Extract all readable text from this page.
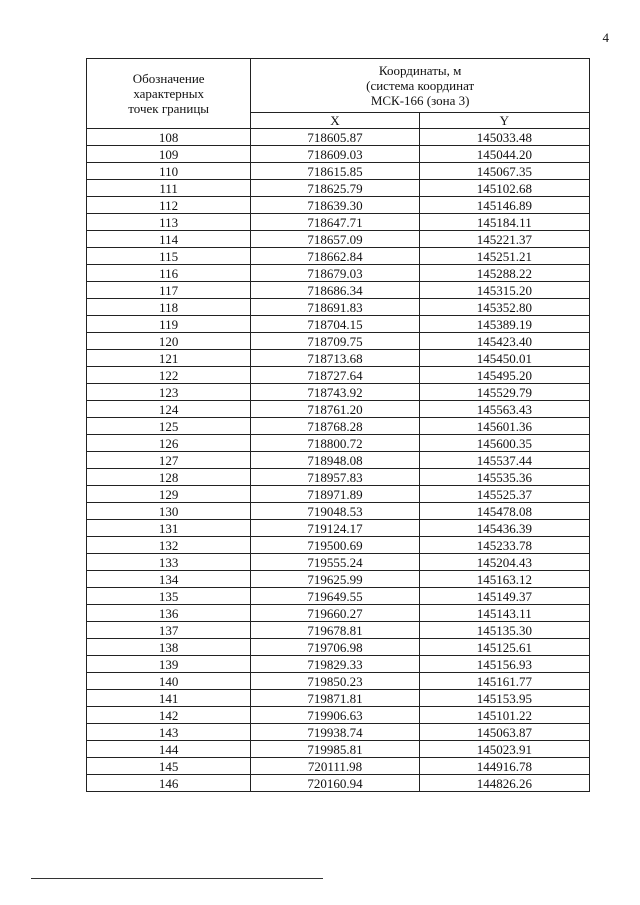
4
Обозначение
характерных
точек границы	Координаты, м
(система координат
МСК-166 (зона 3)	

	X	Y
108	718605.87	145033.48
109	718609.03	145044.20
110	718615.85	145067.35
111	718625.79	145102.68
112	718639.30	145146.89
113	718647.71	145184.11
114	718657.09	145221.37
115	718662.84	145251.21
116	718679.03	145288.22
117	718686.34	145315.20
118	718691.83	145352.80
119	718704.15	145389.19
120	718709.75	145423.40
121	718713.68	145450.01
122	718727.64	145495.20
123	718743.92	145529.79
124	718761.20	145563.43
125	718768.28	145601.36
126	718800.72	145600.35
127	718948.08	145537.44
128	718957.83	145535.36
129	718971.89	145525.37
130	719048.53	145478.08
131	719124.17	145436.39
132	719500.69	145233.78
133	719555.24	145204.43
134	719625.99	145163.12
135	719649.55	145149.37
136	719660.27	145143.11
137	719678.81	145135.30
138	719706.98	145125.61
139	719829.33	145156.93
140	719850.23	145161.77
141	719871.81	145153.95
142	719906.63	145101.22
143	719938.74	145063.87
144	719985.81	145023.91
145	720111.98	144916.78
146	720160.94	144826.26
